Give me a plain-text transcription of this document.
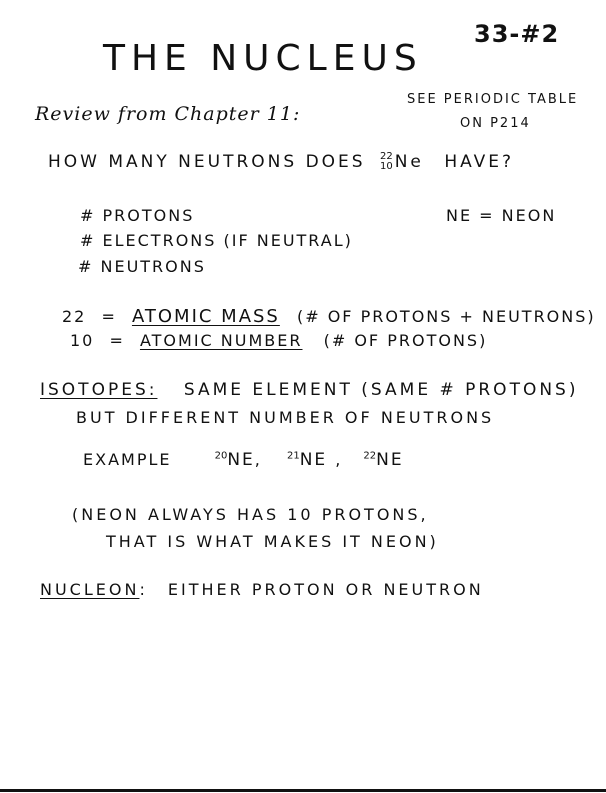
33-#2
THE NUCLEUS
Review from Chapter 11:
SEE PERIODIC TABLE
ON P214
HOW MANY NEUTRONS DOES 22
10 Ne HAVE?
NE = NEON
# PROTONS
# ELECTRONS (IF NEUTRAL)
# NEUTRONS
22 = ATOMIC MASS (# OF PROTONS + NEUTRONS)
10 = ATOMIC NUMBER (# OF PROTONS)
ISOTOPES: SAME ELEMENT (SAME # PROTONS)
BUT DIFFERENT NUMBER OF NEUTRONS
EXAMPLE	$^{20}$NE,	$^{21}$NE , $^{22}$NE
(NEON ALWAYS HAS 10 PROTONS,
THAT IS WHAT MAKES IT NEON)
NUCLEON: EITHER PROTON OR NEUTRON
